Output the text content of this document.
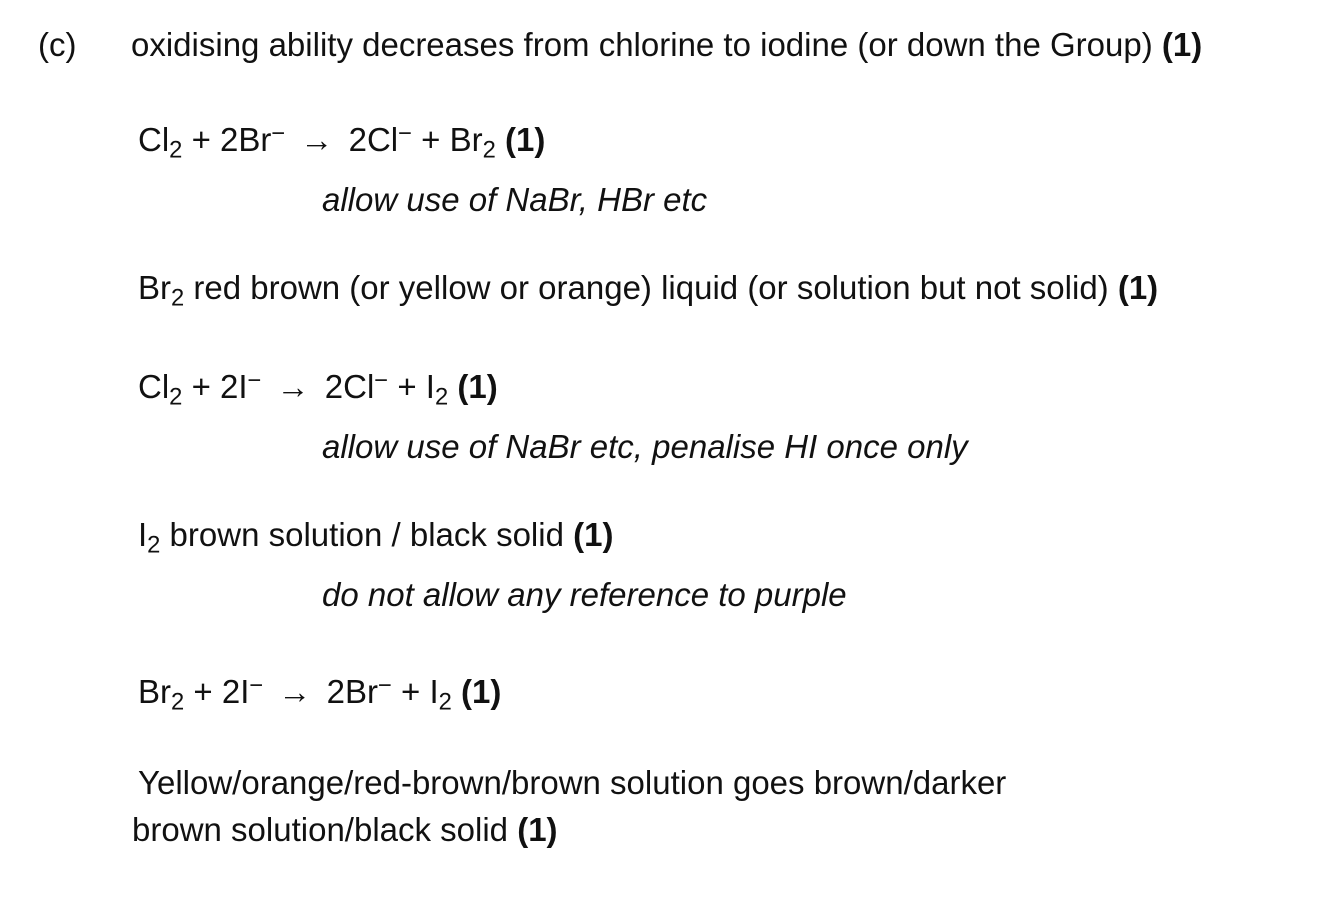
(c) oxidising ability decreases from chlorine to iodine (or down the Group) (1)
$Cl_2 + 2Br^- \to 2Cl^- + Br_2$ (1)
allow use of NaBr, HBr etc
$Br_2$ red brown (or yellow or orange) liquid (or solution but not solid) (1)
$Cl_2 + 2I^- \to 2Cl^- + I_2$ (1)
allow use of NaBr etc, penalise HI once only
$I_2$ brown solution / black solid (1)
do not allow any reference to purple
$Br_2 + 2I^- \to 2Br^- + I_2$ (1)
Yellow/orange/red-brown/brown solution goes brown/darker
brown solution/black solid (1)
